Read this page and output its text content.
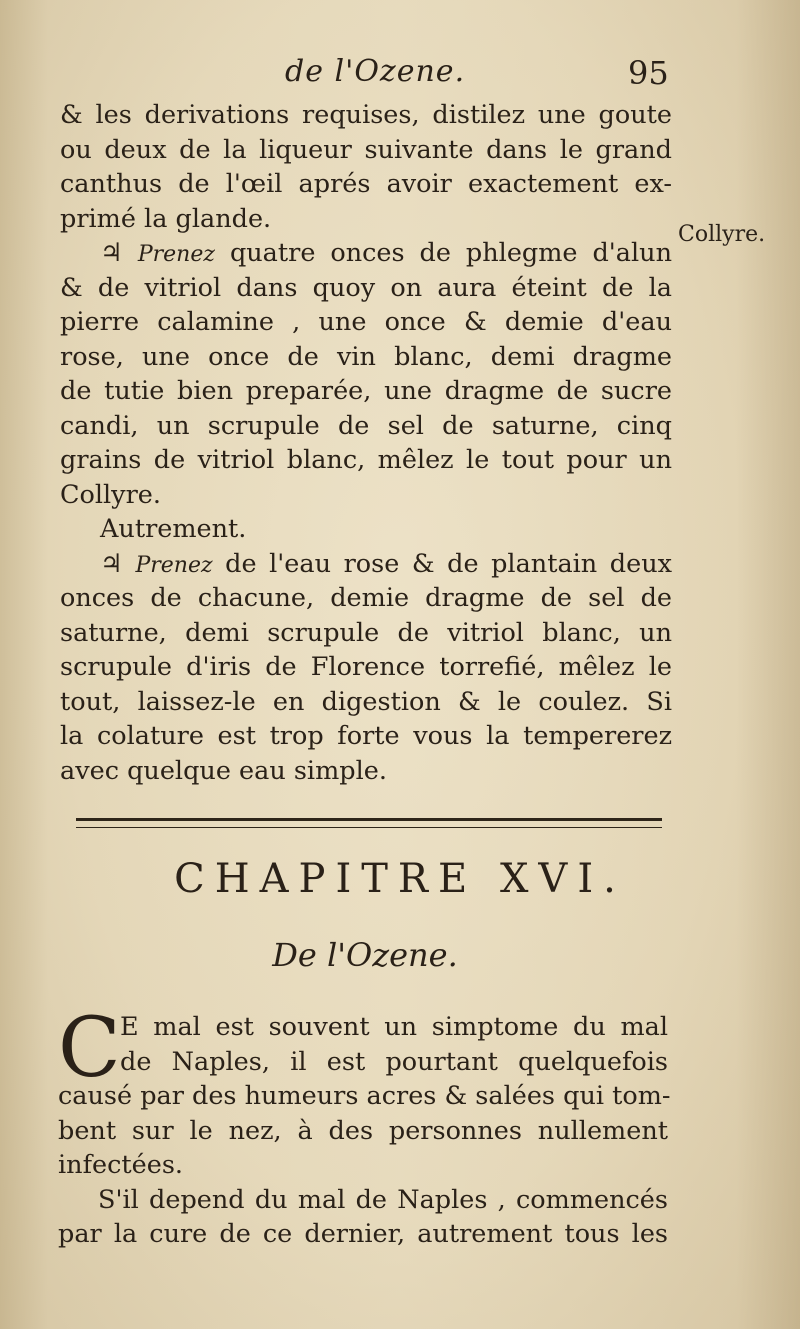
de l'Ozene.	95
Collyre.
& les derivations requises, distilez une goute
ou deux de la liqueur suivante dans le grand
canthus de l'œil aprés avoir exactement ex-
primé la glande.
♃ Prenez quatre onces de phlegme d'alun
& de vitriol dans quoy on aura éteint de la
pierre calamine , une once & demie d'eau
rose, une once de vin blanc, demi dragme
de tutie bien preparée, une dragme de sucre
candi, un scrupule de sel de saturne, cinq
grains de vitriol blanc, mêlez le tout pour un
Collyre.
Autrement.
♃ Prenez de l'eau rose & de plantain deux
onces de chacune, demie dragme de sel de
saturne, demi scrupule de vitriol blanc, un
scrupule d'iris de Florence torrefié, mêlez le
tout, laissez-le en digestion & le coulez. Si
la colature est trop forte vous la tempererez
avec quelque eau simple.
CHAPITRE XVI.
De l'Ozene.
C E mal est souvent un simptome du mal
de Naples, il est pourtant quelquefois
causé par des humeurs acres & salées qui tom-
bent sur le nez, à des personnes nullement
infectées.
S'il depend du mal de Naples , commencés
par la cure de ce dernier, autrement tous les
